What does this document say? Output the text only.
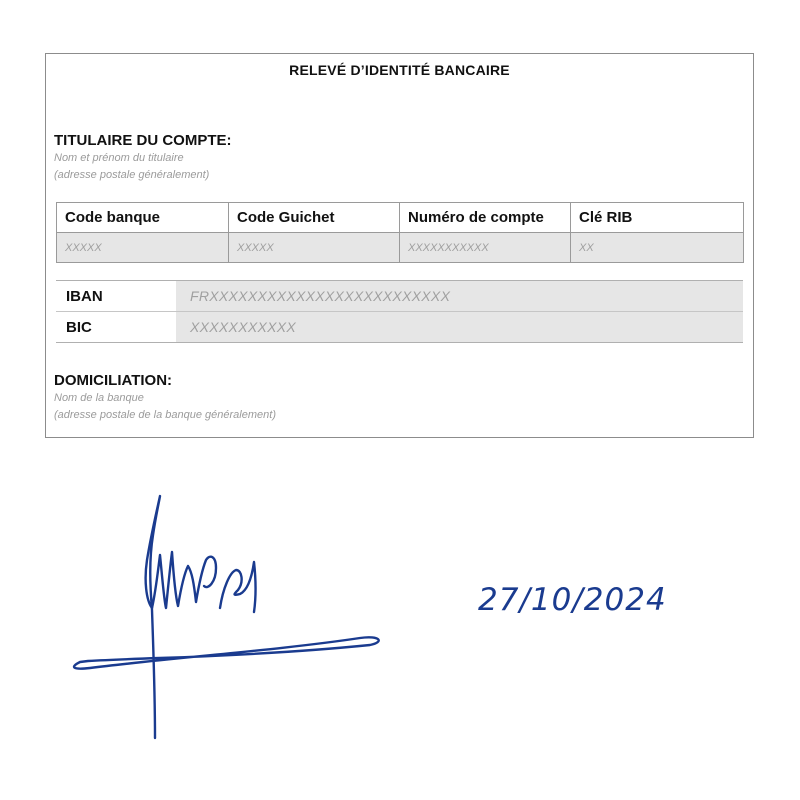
RELEVÉ D’IDENTITÉ BANCAIRE
TITULAIRE DU COMPTE:
Nom et prénom du titulaire
(adresse postale généralement)
Code banque	Code Guichet	Numéro de compte	Clé RIB
XXXXX	XXXXX	XXXXXXXXXXX	XX
IBAN	FRXXXXXXXXXXXXXXXXXXXXXXXXX
BIC	XXXXXXXXXXX
DOMICILIATION:
Nom de la banque
(adresse postale de la banque généralement)
27/10/2024
